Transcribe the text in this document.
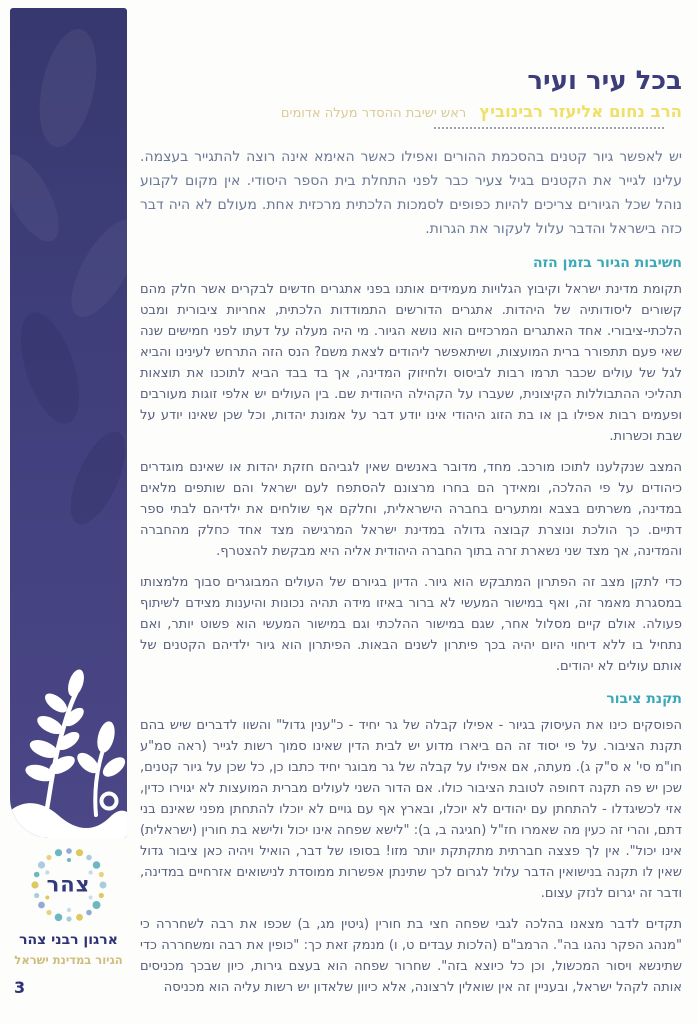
צהר
ארגון רבני צהר
הגיור במדינת ישראל
3
בכל עיר ועיר
הרב נחום אליעזר רבינוביץ ראש ישיבת ההסדר מעלה אדומים

יש לאפשר גיור קטנים בהסכמת ההורים ואפילו כאשר האימא אינה רוצה להתגייר בעצמה. עלינו לגייר את הקטנים בגיל צעיר כבר לפני התחלת בית הספר היסודי. אין מקום לקבוע נוהל שכל הגיורים צריכים להיות כפופים לסמכות הלכתית מרכזית אחת. מעולם לא היה דבר כזה בישראל והדבר עלול לעקור את הגרות.

חשיבות הגיור בזמן הזה

תקומת מדינת ישראל וקיבוץ הגלויות מעמידים אותנו בפני אתגרים חדשים לבקרים אשר חלק מהם קשורים ליסודותיה של היהדות. אתגרים הדורשים התמודדות הלכתית, אחריות ציבורית ומבט הלכתי-ציבורי. אחד האתגרים המרכזיים הוא נושא הגיור. מי היה מעלה על דעתו לפני חמישים שנה שאי פעם תתפורר ברית המועצות, ושיתאפשר ליהודים לצאת משם? הנס הזה התרחש לעינינו והביא לגל של עולים שכבר תרמו רבות לביסוס ולחיזוק המדינה, אך בד בבד הביא לתוכנו את תוצאות תהליכי ההתבוללות הקיצונית, שעברו על הקהילה היהודית שם. בין העולים יש אלפי זוגות מעורבים ופעמים רבות אפילו בן או בת הזוג היהודי אינו יודע דבר על אמונת יהדות, וכל שכן שאינו יודע על שבת וכשרות.

המצב שנקלענו לתוכו מורכב. מחד, מדובר באנשים שאין לגביהם חזקת יהדות או שאינם מוגדרים כיהודים על פי ההלכה, ומאידך הם בחרו מרצונם להסתפח לעם ישראל והם שותפים מלאים במדינה, משרתים בצבא ומתערים בחברה הישראלית, וחלקם אף שולחים את ילדיהם לבתי ספר דתיים. כך הולכת ונוצרת קבוצה גדולה במדינת ישראל המרגישה מצד אחד כחלק מהחברה והמדינה, אך מצד שני נשארת זרה בתוך החברה היהודית אליה היא מבקשת להצטרף.

כדי לתקן מצב זה הפתרון המתבקש הוא גיור. הדיון בגיורם של העולים המבוגרים סבוך מלמצותו במסגרת מאמר זה, ואף במישור המעשי לא ברור באיזו מידה תהיה נכונות והיענות מצידם לשיתוף פעולה. אולם קיים מסלול אחר, שגם במישור ההלכתי וגם במישור המעשי הוא פשוט יותר, ואם נתחיל בו ללא דיחוי היום יהיה בכך פיתרון לשנים הבאות. הפיתרון הוא גיור ילדיהם הקטנים של אותם עולים לא יהודים.

תקנת ציבור

הפוסקים כינו את העיסוק בגיור - אפילו קבלה של גר יחיד - כ"ענין גדול" והשוו לדברים שיש בהם תקנת הציבור. על פי יסוד זה הם ביארו מדוע יש לבית הדין שאינו סמוך רשות לגייר (ראה סמ"ע חו"מ סי' א ס"ק ג). מעתה, אם אפילו על קבלה של גר מבוגר יחיד כתבו כן, כל שכן על גיור קטנים, שכן יש פה תקנה דחופה לטובת הציבור כולו. אם הדור השני לעולים מברית המועצות לא יגוירו כדין, אזי לכשיגדלו - להתחתן עם יהודים לא יוכלו, ובארץ אף עם גויים לא יוכלו להתחתן מפני שאינם בני דתם, והרי זה כעין מה שאמרו חז"ל (חגיגה ב, ב): "לישא שפחה אינו יכול ולישא בת חורין (ישראלית) אינו יכול". אין לך פצצה חברתית מתקתקת יותר מזו! בסופו של דבר, הואיל ויהיה כאן ציבור גדול שאין לו תקנה בנישואין הדבר עלול לגרום לכך שתינתן אפשרות ממוסדת לנישואים אזרחיים במדינה, ודבר זה יגרום לנזק עצום.

תקדים לדבר מצאנו בהלכה לגבי שפחה חצי בת חורין (גיטין מג, ב) שכפו את רבה לשחררה כי "מנהג הפקר נהגו בה". הרמב"ם (הלכות עבדים ט, ו) מנמק זאת כך: "כופין את רבה ומשחררה כדי שתינשא ויסור המכשול, וכן כל כיוצא בזה". שחרור שפחה הוא בעצם גירות, כיון שבכך מכניסים אותה לקהל ישראל, ובעניין זה אין שואלין לרצונה, אלא כיוון שלאדון יש רשות עליה הוא מכניסה
